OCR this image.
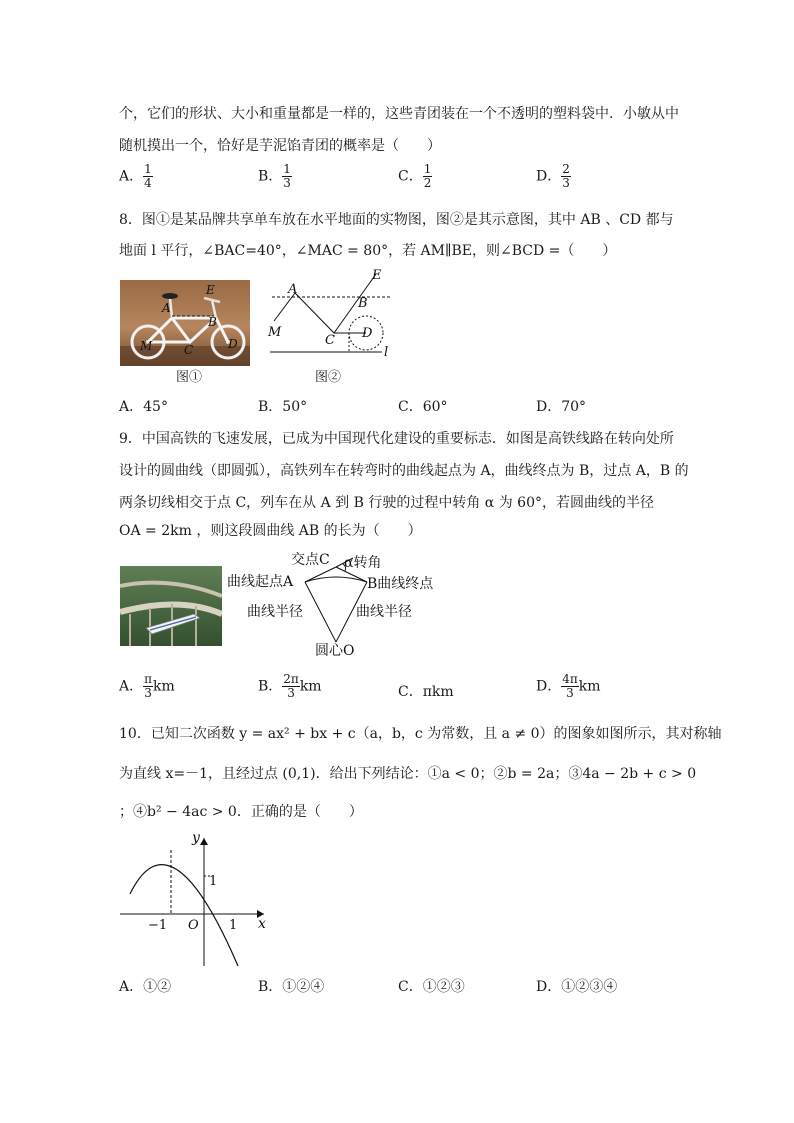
个，它们的形状、大小和重量都是一样的，这些青团装在一个不透明的塑料袋中．小敏从中
随机摸出一个，恰好是芋泥馅青团的概率是（　　）
A． $\frac{1}{4}$	B． $\frac{1}{3}$	C． $\frac{1}{2}$	D． $\frac{2}{3}$
8．图①是某品牌共享单车放在水平地面的实物图，图②是其示意图，其中 AB 、CD 都与
地面 l 平行，∠BAC=40°，∠MAC = 80°，若 AM∥BE，则∠BCD =（　　）
A
E
B
C	D
M
图①
A
E
B
C D
M
l
图②
A．45°	B．50°	C．60°	D．70°
9．中国高铁的飞速发展，已成为中国现代化建设的重要标志．如图是高铁线路在转向处所
设计的圆曲线（即圆弧），高铁列车在转弯时的曲线起点为 A，曲线终点为 B，过点 A，B 的
两条切线相交于点 C，列车在从 A 到 B 行驶的过程中转角 α 为 60°，若圆曲线的半径
OA = 2km ，则这段圆曲线 AB 的长为（　　）
交点C α转角
曲线起点A	B曲线终点
曲线半径	曲线半径
圆心O
A． $\frac{\pi}{3}$ km	B． $\frac{2\pi}{3}$ km	C．πkm	D． $\frac{4\pi}{3}$ km
10．已知二次函数 y = ax² + bx + c（a，b，c 为常数，且 a ≠ 0）的图象如图所示，其对称轴
为直线 x=－1，且经过点 (0,1)．给出下列结论：①a < 0；②b = 2a；③4a − 2b + c > 0
；④b² − 4ac > 0．正确的是（　　）
y
x
1
−1 O 1
A．①②	B．①②④	C．①②③	D．①②③④
